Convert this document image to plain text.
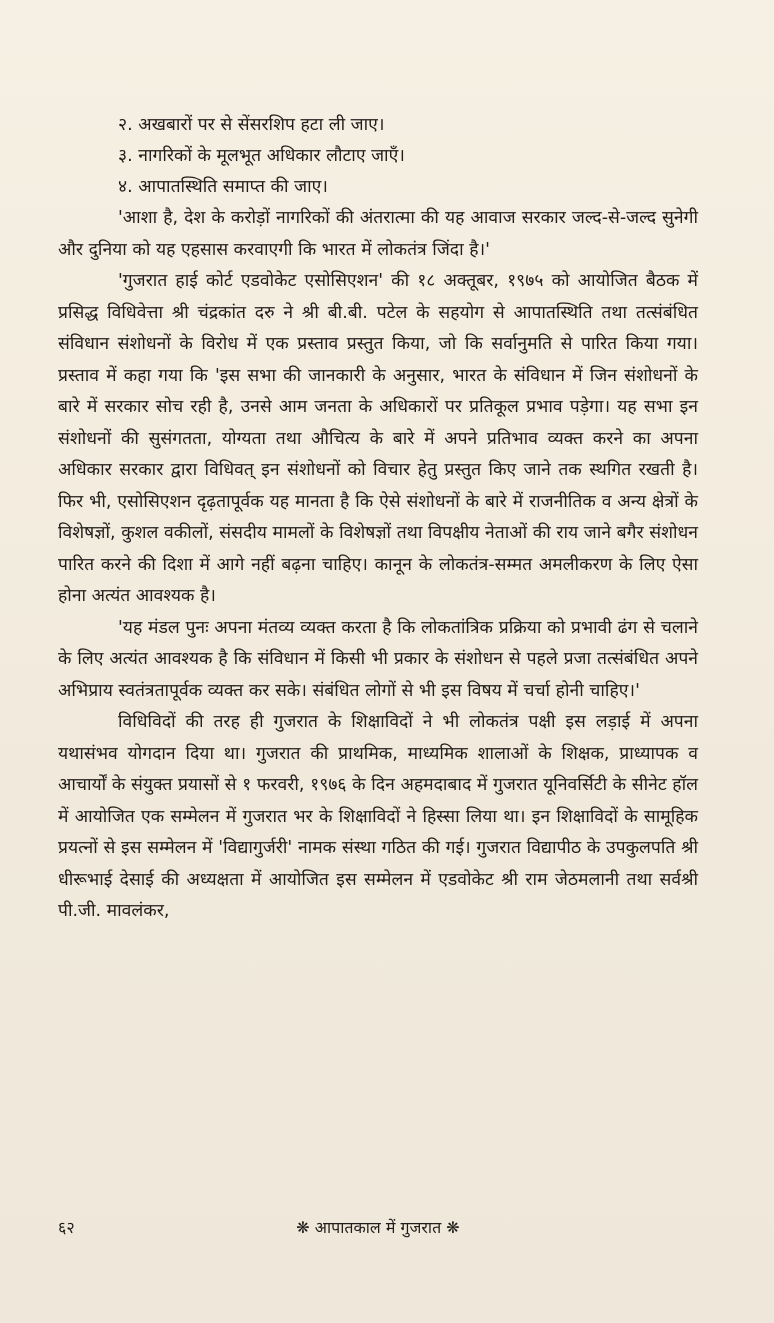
२. अखबारों पर से सेंसरशिप हटा ली जाए।
३. नागरिकों के मूलभूत अधिकार लौटाए जाएँ।
४. आपातस्थिति समाप्त की जाए।

'आशा है, देश के करोड़ों नागरिकों की अंतरात्मा की यह आवाज सरकार जल्द-से-जल्द सुनेगी और दुनिया को यह एहसास करवाएगी कि भारत में लोकतंत्र जिंदा है।'

'गुजरात हाई कोर्ट एडवोकेट एसोसिएशन' की १८ अक्तूबर, १९७५ को आयोजित बैठक में प्रसिद्ध विधिवेत्ता श्री चंद्रकांत दरु ने श्री बी.बी. पटेल के सहयोग से आपातस्थिति तथा तत्संबंधित संविधान संशोधनों के विरोध में एक प्रस्ताव प्रस्तुत किया, जो कि सर्वानुमति से पारित किया गया। प्रस्ताव में कहा गया कि 'इस सभा की जानकारी के अनुसार, भारत के संविधान में जिन संशोधनों के बारे में सरकार सोच रही है, उनसे आम जनता के अधिकारों पर प्रतिकूल प्रभाव पड़ेगा। यह सभा इन संशोधनों की सुसंगतता, योग्यता तथा औचित्य के बारे में अपने प्रतिभाव व्यक्त करने का अपना अधिकार सरकार द्वारा विधिवत् इन संशोधनों को विचार हेतु प्रस्तुत किए जाने तक स्थगित रखती है। फिर भी, एसोसिएशन दृढ़तापूर्वक यह मानता है कि ऐसे संशोधनों के बारे में राजनीतिक व अन्य क्षेत्रों के विशेषज्ञों, कुशल वकीलों, संसदीय मामलों के विशेषज्ञों तथा विपक्षीय नेताओं की राय जाने बगैर संशोधन पारित करने की दिशा में आगे नहीं बढ़ना चाहिए। कानून के लोकतंत्र-सम्मत अमलीकरण के लिए ऐसा होना अत्यंत आवश्यक है।

'यह मंडल पुनः अपना मंतव्य व्यक्त करता है कि लोकतांत्रिक प्रक्रिया को प्रभावी ढंग से चलाने के लिए अत्यंत आवश्यक है कि संविधान में किसी भी प्रकार के संशोधन से पहले प्रजा तत्संबंधित अपने अभिप्राय स्वतंत्रतापूर्वक व्यक्त कर सके। संबंधित लोगों से भी इस विषय में चर्चा होनी चाहिए।'

विधिविदों की तरह ही गुजरात के शिक्षाविदों ने भी लोकतंत्र पक्षी इस लड़ाई में अपना यथासंभव योगदान दिया था। गुजरात की प्राथमिक, माध्यमिक शालाओं के शिक्षक, प्राध्यापक व आचार्यों के संयुक्त प्रयासों से १ फरवरी, १९७६ के दिन अहमदाबाद में गुजरात यूनिवर्सिटी के सीनेट हॉल में आयोजित एक सम्मेलन में गुजरात भर के शिक्षाविदों ने हिस्सा लिया था। इन शिक्षाविदों के सामूहिक प्रयत्नों से इस सम्मेलन में 'विद्यागुर्जरी' नामक संस्था गठित की गई। गुजरात विद्यापीठ के उपकुलपति श्री धीरूभाई देसाई की अध्यक्षता में आयोजित इस सम्मेलन में एडवोकेट श्री राम जेठमलानी तथा सर्वश्री पी.जी. मावलंकर,

६२	❋ आपातकाल में गुजरात ❋
